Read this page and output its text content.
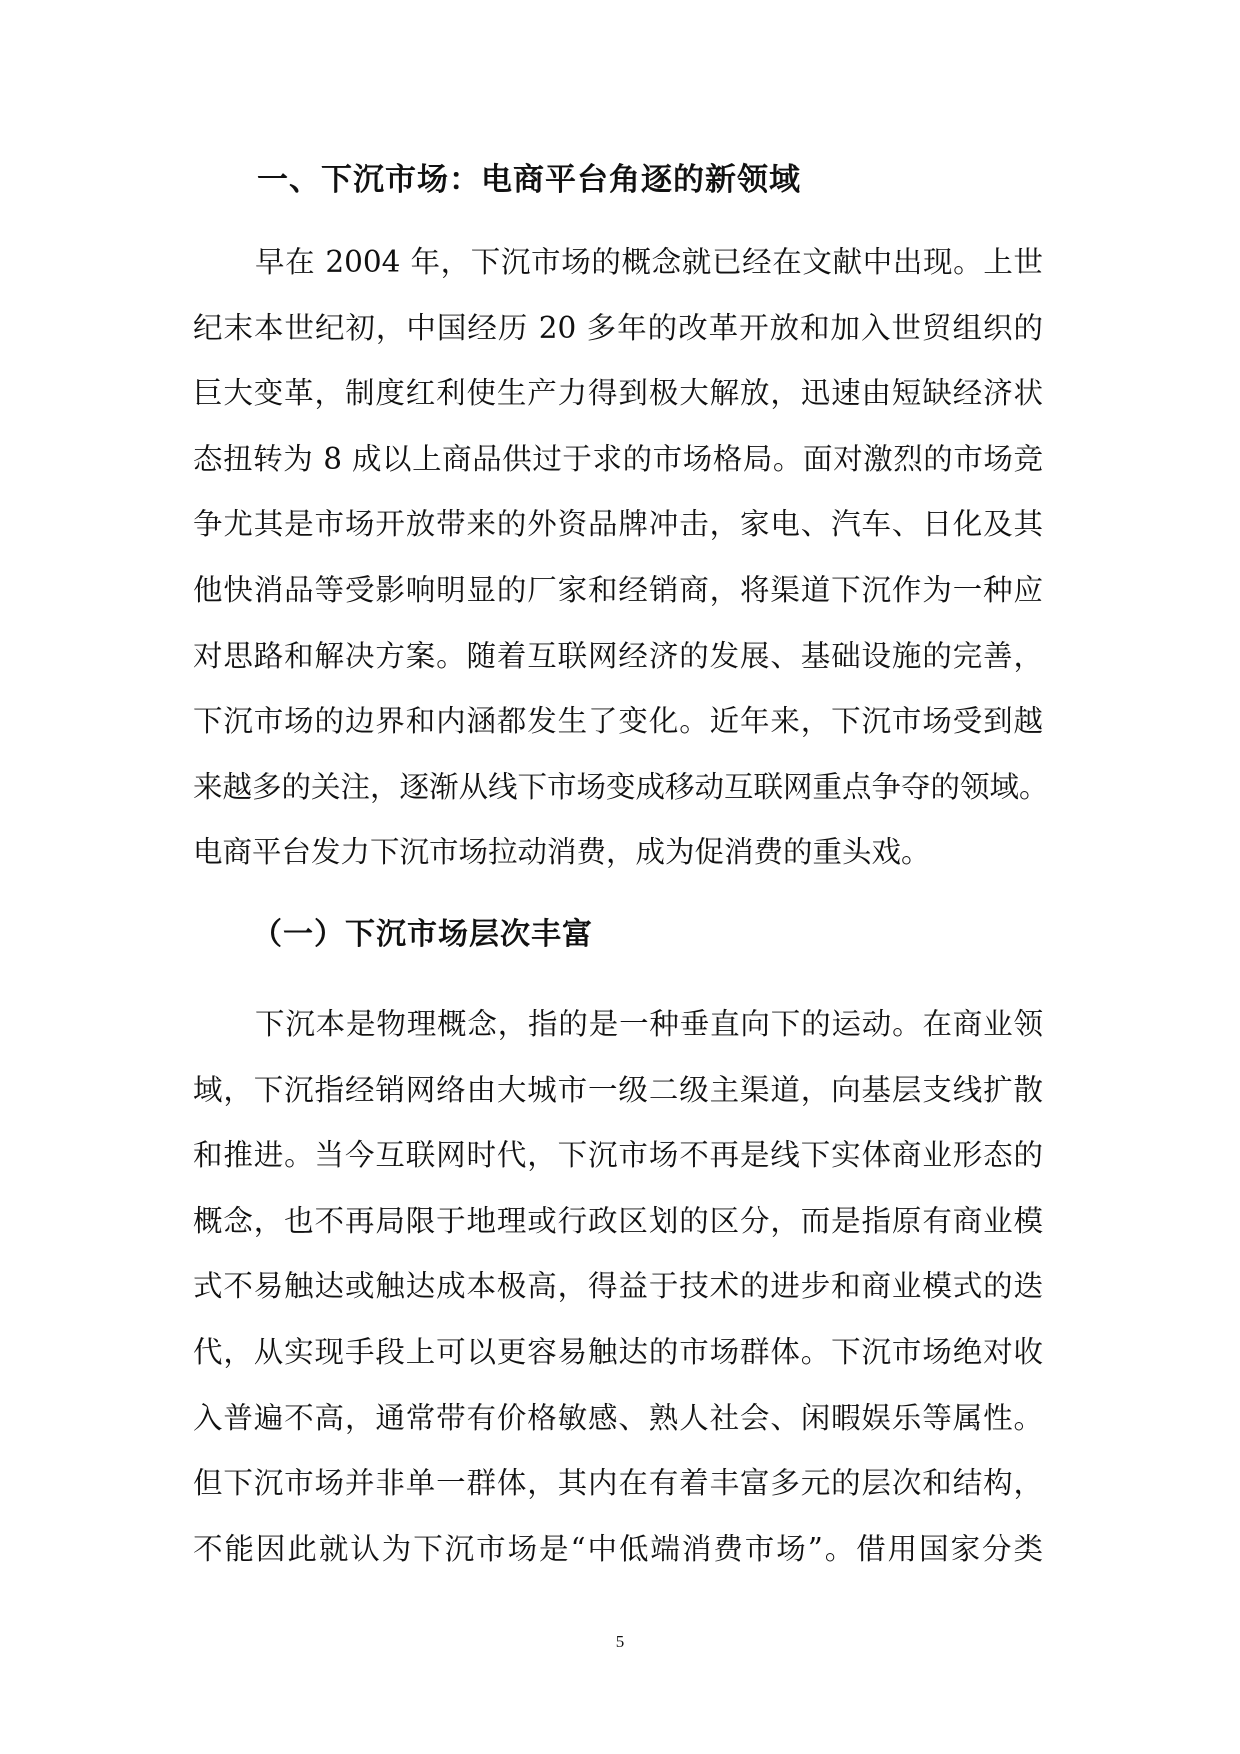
一、下沉市场：电商平台角逐的新领域
早在 2004 年，下沉市场的概念就已经在文献中出现。上世
纪末本世纪初，中国经历 20 多年的改革开放和加入世贸组织的
巨大变革，制度红利使生产力得到极大解放，迅速由短缺经济状
态扭转为 8 成以上商品供过于求的市场格局。面对激烈的市场竞
争尤其是市场开放带来的外资品牌冲击，家电、汽车、日化及其
他快消品等受影响明显的厂家和经销商，将渠道下沉作为一种应
对思路和解决方案。随着互联网经济的发展、基础设施的完善，
下沉市场的边界和内涵都发生了变化。近年来，下沉市场受到越
来越多的关注，逐渐从线下市场变成移动互联网重点争夺的领域。
电商平台发力下沉市场拉动消费，成为促消费的重头戏。
（一）下沉市场层次丰富
下沉本是物理概念，指的是一种垂直向下的运动。在商业领
域，下沉指经销网络由大城市一级二级主渠道，向基层支线扩散
和推进。当今互联网时代，下沉市场不再是线下实体商业形态的
概念，也不再局限于地理或行政区划的区分，而是指原有商业模
式不易触达或触达成本极高，得益于技术的进步和商业模式的迭
代，从实现手段上可以更容易触达的市场群体。下沉市场绝对收
入普遍不高，通常带有价格敏感、熟人社会、闲暇娱乐等属性。
但下沉市场并非单一群体，其内在有着丰富多元的层次和结构，
不能因此就认为下沉市场是“中低端消费市场”。借用国家分类
5
